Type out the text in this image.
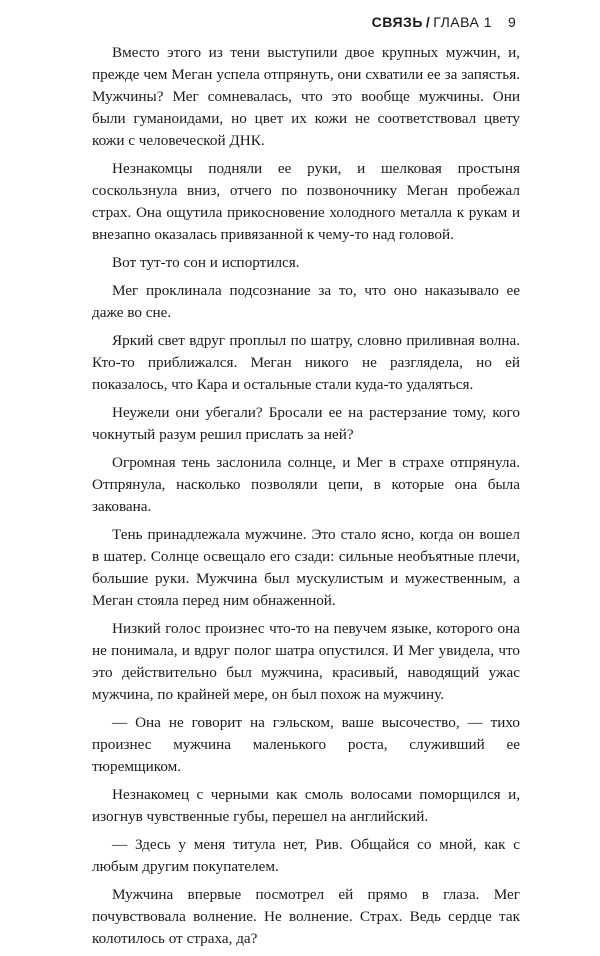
СВЯЗЬ / ГЛАВА 1 9

Вместо этого из тени выступили двое крупных мужчин, и, прежде чем Меган успела отпрянуть, они схватили ее за запястья. Мужчины? Мег сомневалась, что это вообще мужчины. Они были гуманоидами, но цвет их кожи не соответствовал цвету кожи с человеческой ДНК.

Незнакомцы подняли ее руки, и шелковая простыня соскользнула вниз, отчего по позвоночнику Меган пробежал страх. Она ощутила прикосновение холодного металла к рукам и внезапно оказалась привязанной к чему-то над головой.

Вот тут-то сон и испортился.

Мег проклинала подсознание за то, что оно наказывало ее даже во сне.

Яркий свет вдруг проплыл по шатру, словно приливная волна. Кто-то приближался. Меган никого не разглядела, но ей показалось, что Кара и остальные стали куда-то удаляться.

Неужели они убегали? Бросали ее на растерзание тому, кого чокнутый разум решил прислать за ней?

Огромная тень заслонила солнце, и Мег в страхе отпрянула. Отпрянула, насколько позволяли цепи, в которые она была закована.

Тень принадлежала мужчине. Это стало ясно, когда он вошел в шатер. Солнце освещало его сзади: сильные необъятные плечи, большие руки. Мужчина был мускулистым и мужественным, а Меган стояла перед ним обнаженной.

Низкий голос произнес что-то на певучем языке, которого она не понимала, и вдруг полог шатра опустился. И Мег увидела, что это действительно был мужчина, красивый, наводящий ужас мужчина, по крайней мере, он был похож на мужчину.

— Она не говорит на гэльском, ваше высочество, — тихо произнес мужчина маленького роста, служивший ее тюремщиком.

Незнакомец с черными как смоль волосами поморщился и, изогнув чувственные губы, перешел на английский.

— Здесь у меня титула нет, Рив. Общайся со мной, как с любым другим покупателем.

Мужчина впервые посмотрел ей прямо в глаза. Мег почувствовала волнение. Не волнение. Страх. Ведь сердце так колотилось от страха, да?
